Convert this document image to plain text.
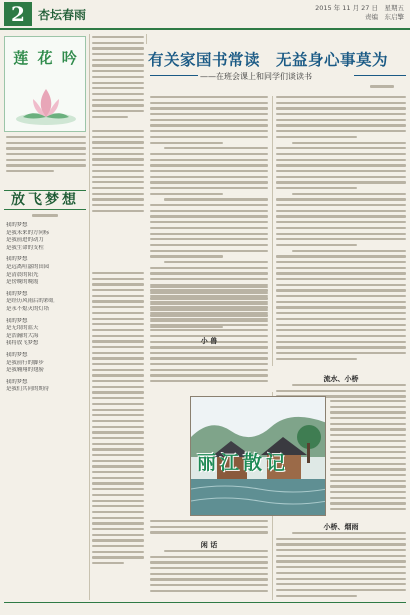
2	杏坛春雨	2015 年 11 月 27 日　星期五
责编　东启擎
莲 花 吟
放飞梦想
我的梦想
是我未来的方向标
是我前进的动力
是我生命的支柱
我的梦想
是远离喧嚣的田园
是清晨的阳光
是傍晚的晚霞
我的梦想
是经历风雨后的彩虹
是永不熄灭的灯塔
我的梦想
是无垠的蓝天
是浩瀚的大海
我将放飞梦想
我的梦想
是我前行的脚步
是我翱翔的翅膀
我的梦想
是我们共同的期待
有关家国书常读　无益身心事莫为
——在班会课上和同学们谈读书
小 兽
流水、小桥
丽江散记
闲 话
小桥、烟雨
